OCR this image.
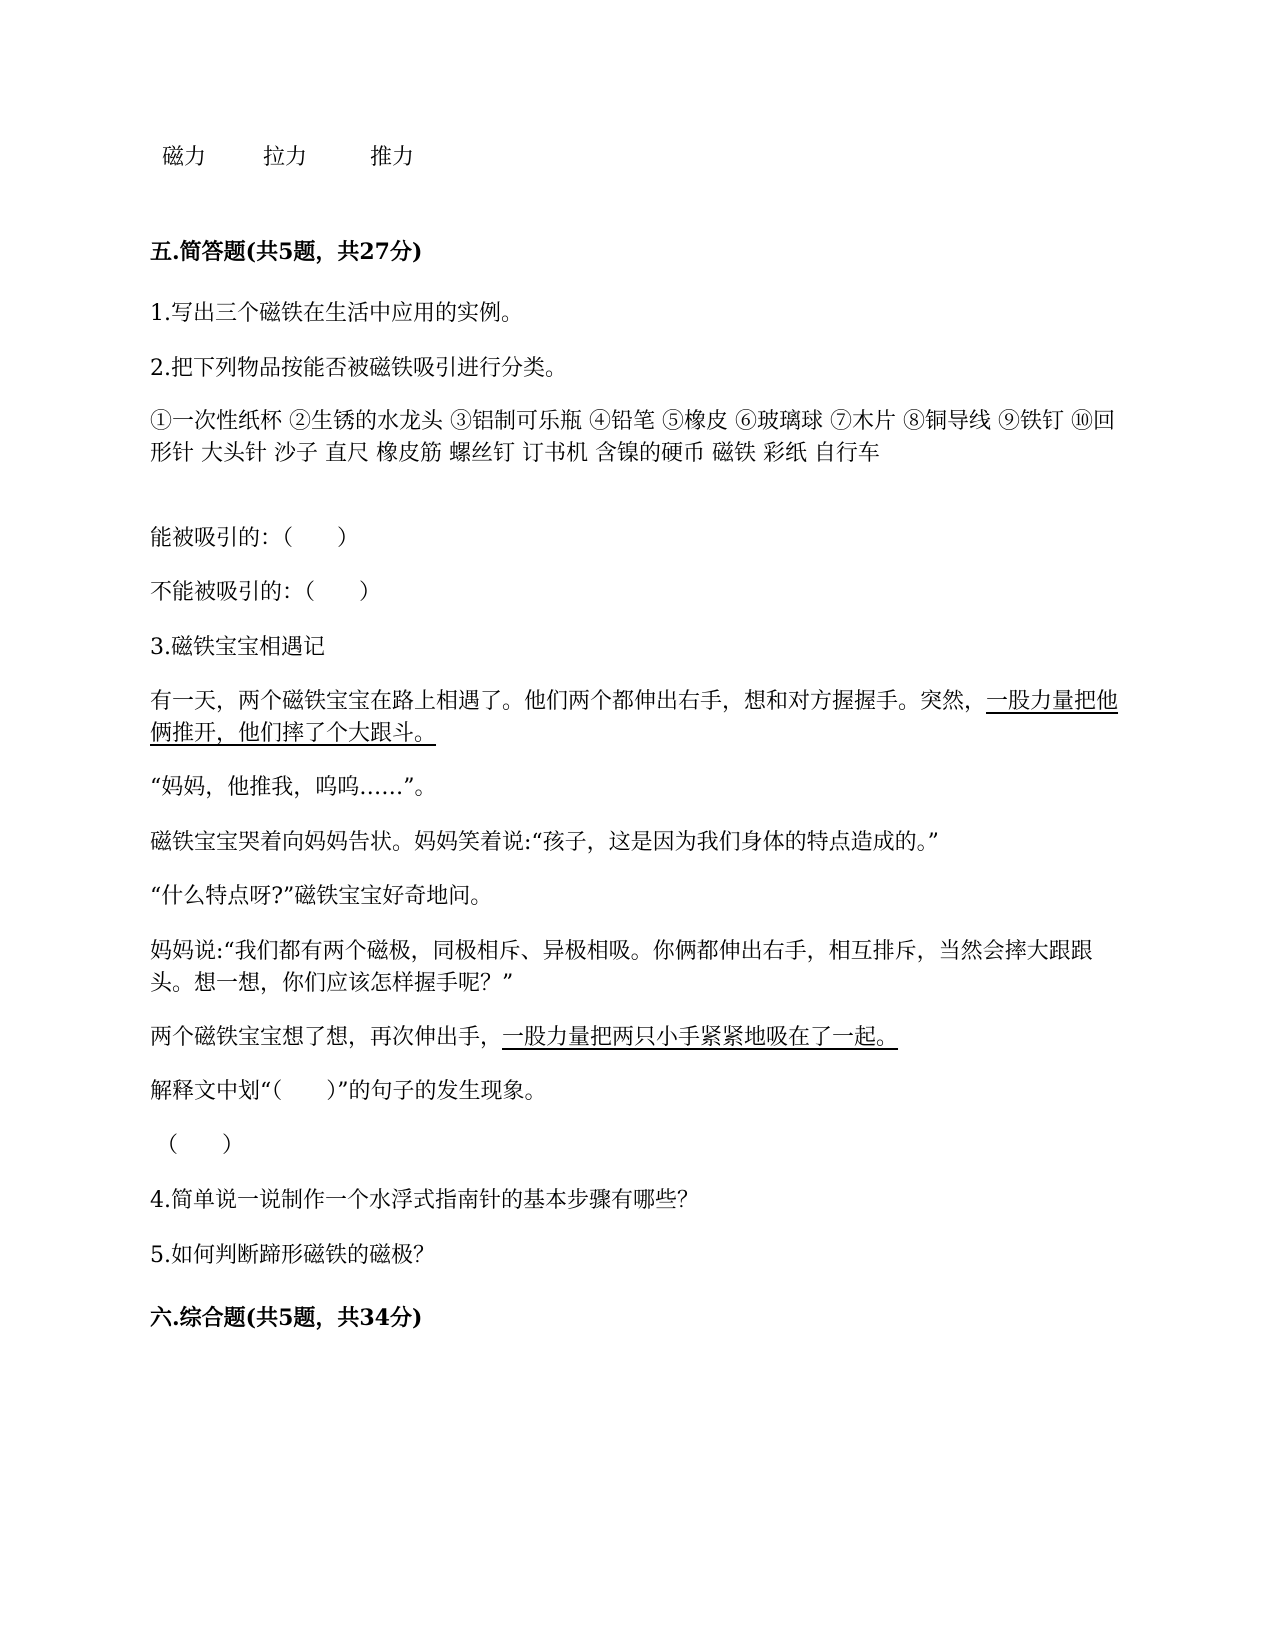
磁力	拉力	推力
五.简答题(共5题，共27分)
1.写出三个磁铁在生活中应用的实例。
2.把下列物品按能否被磁铁吸引进行分类。
①一次性纸杯 ②生锈的水龙头 ③铝制可乐瓶 ④铅笔 ⑤橡皮 ⑥玻璃球 ⑦木片 ⑧铜导线 ⑨铁钉 ⑩回形针 大头针 沙子 直尺 橡皮筋 螺丝钉 订书机 含镍的硬币 磁铁 彩纸 自行车
能被吸引的：（　　）
不能被吸引的：（　　）
3.磁铁宝宝相遇记
有一天，两个磁铁宝宝在路上相遇了。他们两个都伸出右手，想和对方握握手。突然，一股力量把他俩推开，他们摔了个大跟斗。
“妈妈，他推我，呜呜……”。
磁铁宝宝哭着向妈妈告状。妈妈笑着说:“孩子，这是因为我们身体的特点造成的。”
“什么特点呀?”磁铁宝宝好奇地问。
妈妈说:“我们都有两个磁极，同极相斥、异极相吸。你俩都伸出右手，相互排斥，当然会摔大跟跟头。想一想，你们应该怎样握手呢？”
两个磁铁宝宝想了想，再次伸出手，一股力量把两只小手紧紧地吸在了一起。
解释文中划“（　　）”的句子的发生现象。
（　　）
4.简单说一说制作一个水浮式指南针的基本步骤有哪些？
5.如何判断蹄形磁铁的磁极？
六.综合题(共5题，共34分)
